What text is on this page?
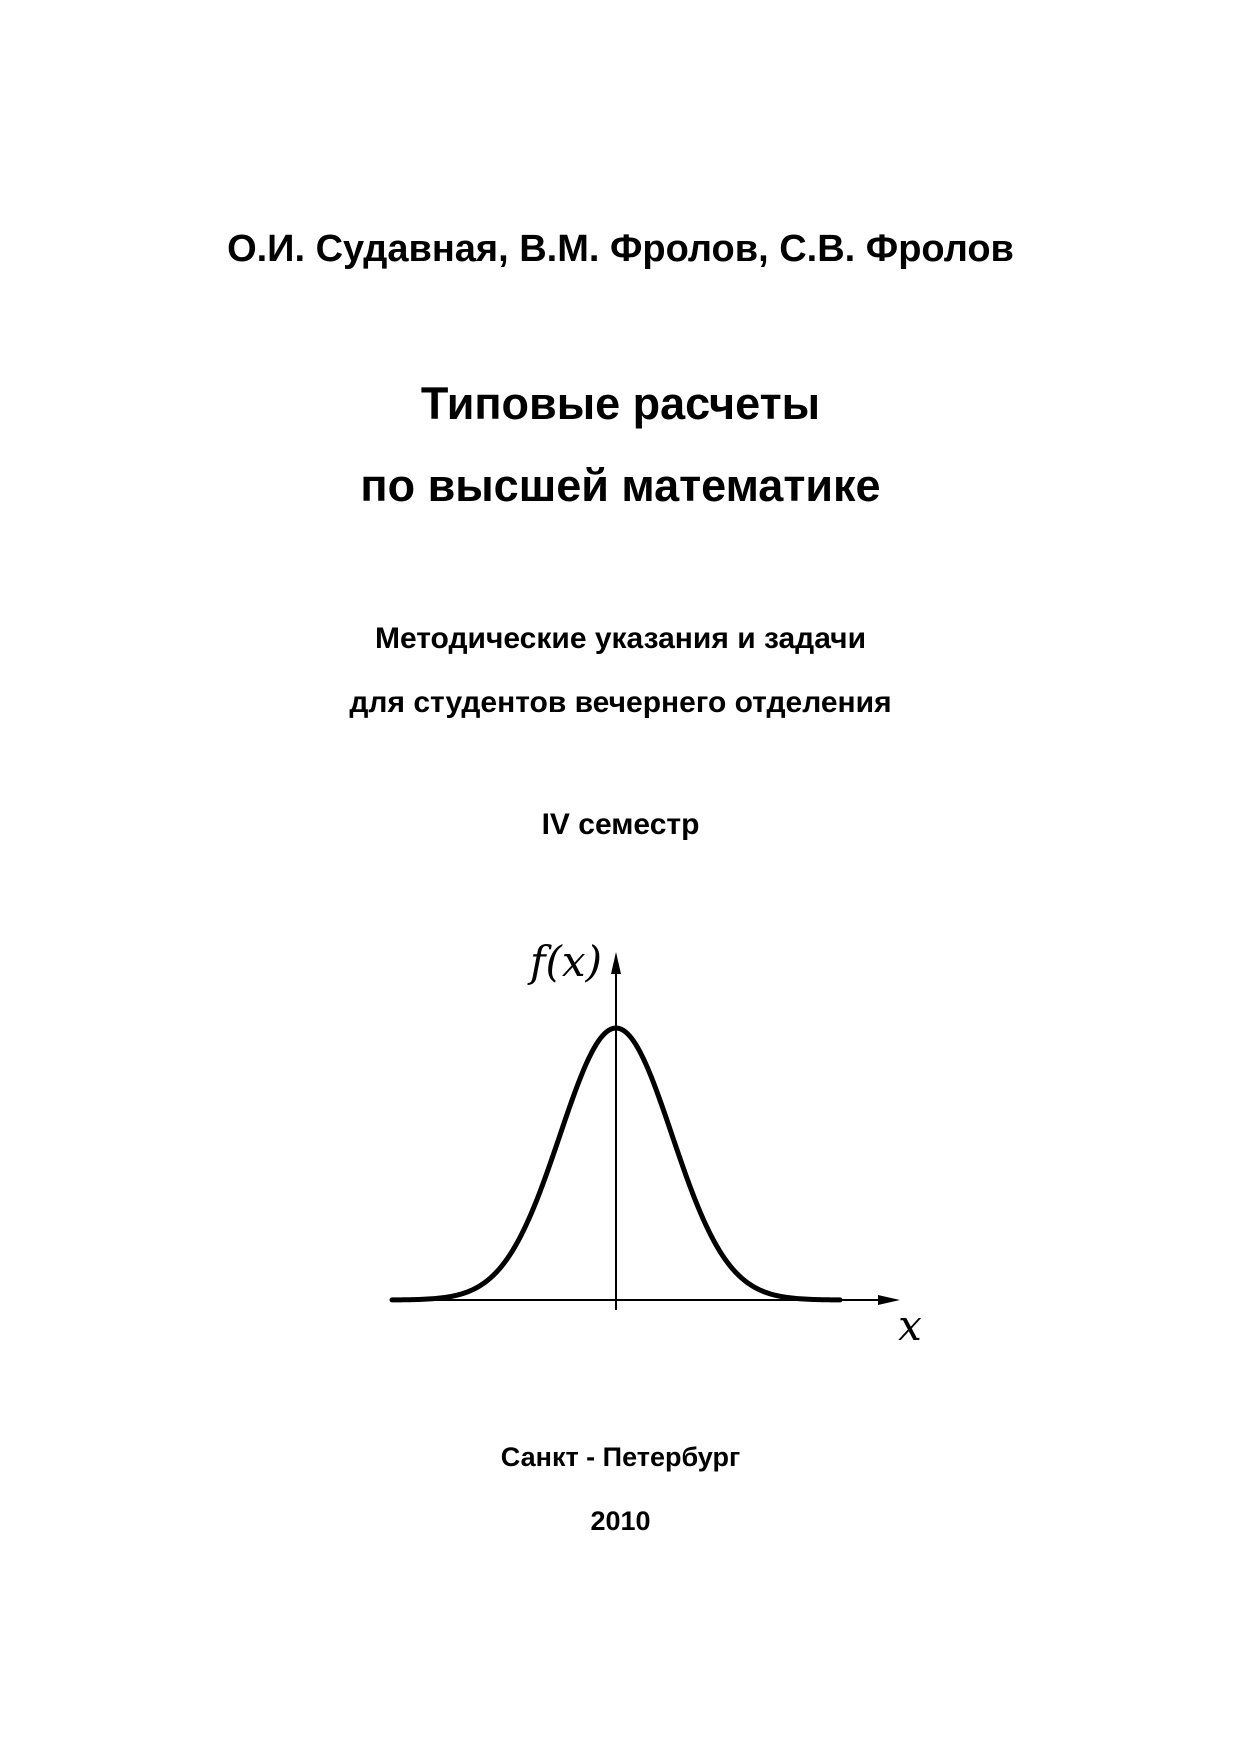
О.И. Судавная, В.М. Фролов, С.В. Фролов
Типовые расчеты
по высшей математике
Методические указания и задачи
для студентов вечернего отделения
IV семестр
f(x)
x
Санкт - Петербург
2010
